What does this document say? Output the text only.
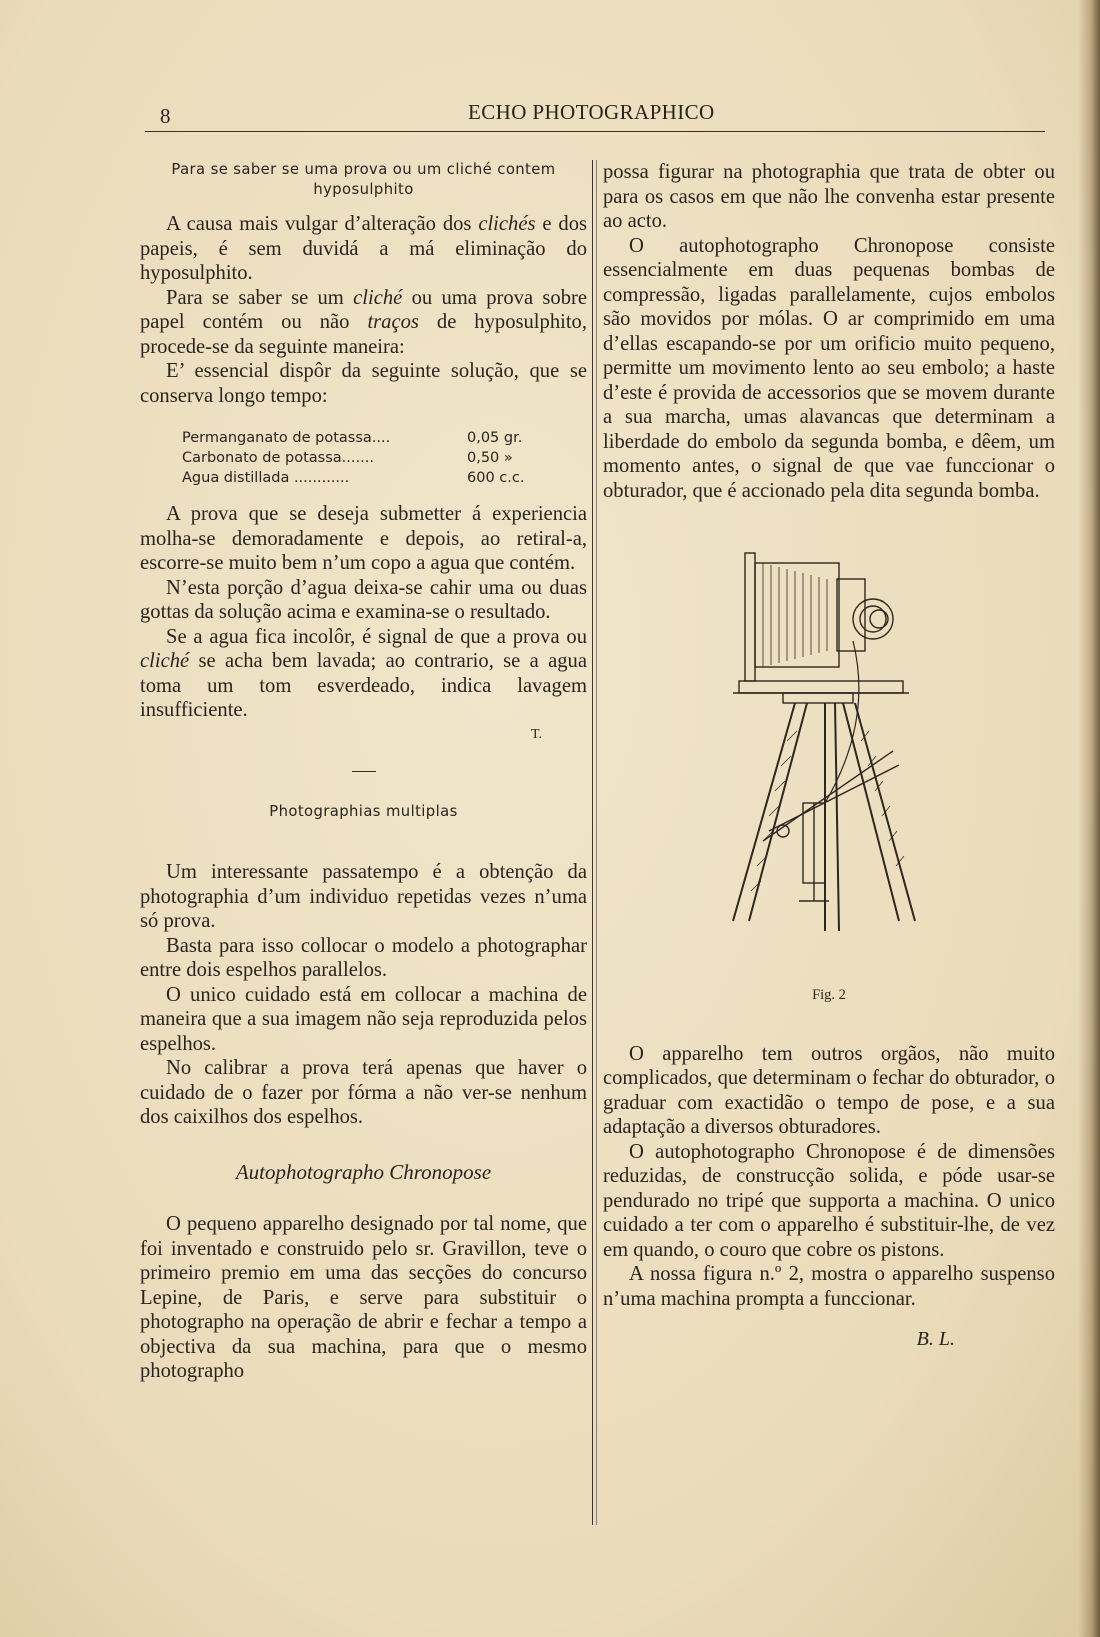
8	ECHO PHOTOGRAPHICO
Para se saber se uma prova ou um cliché contem hyposulphito

A causa mais vulgar d’alteração dos clichés e dos papeis, é sem duvidá a má eliminação do hyposulphito.

Para se saber se um cliché ou uma prova sobre papel contém ou não traços de hyposulphito, procede-se da seguinte maneira:

E’ essencial dispôr da seguinte solução, que se conserva longo tempo:

Permanganato de potassa....	0,05 gr.
Carbonato de potassa.......	0,50 »
Agua distillada ............	600 c.c.

A prova que se deseja submetter á experiencia molha-se demoradamente e depois, ao retiral-a, escorre-se muito bem n’um copo a agua que contém.

N’esta porção d’agua deixa-se cahir uma ou duas gottas da solução acima e examina-se o resultado.

Se a agua fica incolôr, é signal de que a prova ou cliché se acha bem lavada; ao contrario, se a agua toma um tom esverdeado, indica lavagem insufficiente.

T.
Photographias multiplas

Um interessante passatempo é a obtenção da photographia d’um individuo repetidas vezes n’uma só prova.

Basta para isso collocar o modelo a photographar entre dois espelhos parallelos.

O unico cuidado está em collocar a machina de maneira que a sua imagem não seja reproduzida pelos espelhos.

No calibrar a prova terá apenas que haver o cuidado de o fazer por fórma a não ver-se nenhum dos caixilhos dos espelhos.

Autophotographo Chronopose

O pequeno apparelho designado por tal nome, que foi inventado e construido pelo sr. Gravillon, teve o primeiro premio em uma das secções do concurso Lepine, de Paris, e serve para substituir o photographo na operação de abrir e fechar a tempo a objectiva da sua machina, para que o mesmo photographo

possa figurar na photographia que trata de obter ou para os casos em que não lhe convenha estar presente ao acto.

O autophotographo Chronopose consiste essencialmente em duas pequenas bombas de compressão, ligadas parallelamente, cujos embolos são movidos por mólas. O ar comprimido em uma d’ellas escapando-se por um orificio muito pequeno, permitte um movimento lento ao seu embolo; a haste d’este é provida de accessorios que se movem durante a sua marcha, umas alavancas que determinam a liberdade do embolo da segunda bomba, e dêem, um momento antes, o signal de que vae funccionar o obturador, que é accionado pela dita segunda bomba.

Fig. 2

O apparelho tem outros orgãos, não muito complicados, que determinam o fechar do obturador, o graduar com exactidão o tempo de pose, e a sua adaptação a diversos obturadores.

O autophotographo Chronopose é de dimensões reduzidas, de construcção solida, e póde usar-se pendurado no tripé que supporta a machina. O unico cuidado a ter com o apparelho é substituir-lhe, de vez em quando, o couro que cobre os pistons.

A nossa figura n.º 2, mostra o apparelho suspenso n’uma machina prompta a funccionar.

B. L.
